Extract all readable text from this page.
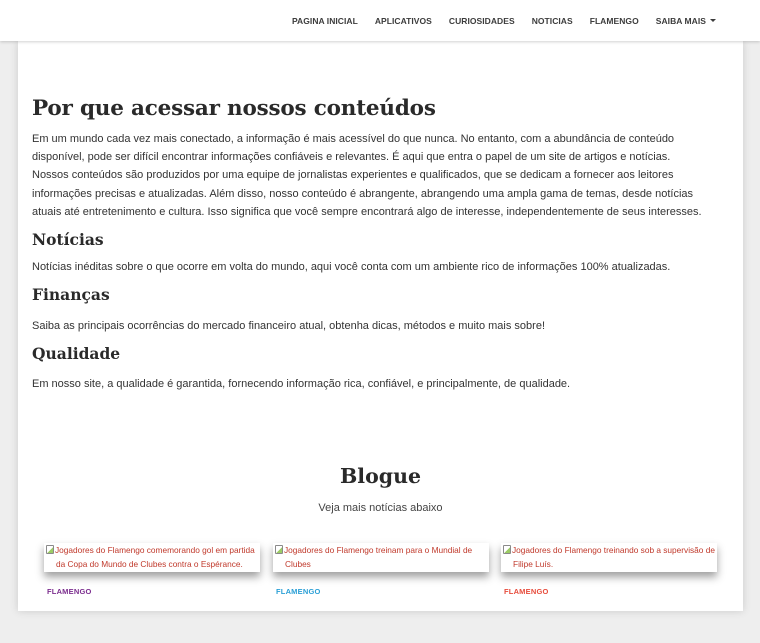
PAGINA INICIAL APLICATIVOS CURIOSIDADES NOTICIAS FLAMENGO SAIBA MAIS
Por que acessar nossos conteúdos

Em um mundo cada vez mais conectado, a informação é mais acessível do que nunca. No entanto, com a abundância de conteúdo disponível, pode ser difícil encontrar informações confiáveis e relevantes. É aqui que entra o papel de um site de artigos e notícias. Nossos conteúdos são produzidos por uma equipe de jornalistas experientes e qualificados, que se dedicam a fornecer aos leitores informações precisas e atualizadas. Além disso, nosso conteúdo é abrangente, abrangendo uma ampla gama de temas, desde notícias atuais até entretenimento e cultura. Isso significa que você sempre encontrará algo de interesse, independentemente de seus interesses.

Notícias

Notícias inéditas sobre o que ocorre em volta do mundo, aqui você conta com um ambiente rico de informações 100% atualizadas.

Finanças

Saiba as principais ocorrências do mercado financeiro atual, obtenha dicas, métodos e muito mais sobre!

Qualidade

Em nosso site, a qualidade é garantida, fornecendo informação rica, confiável, e principalmente, de qualidade.

Blogue

Veja mais notícias abaixo

Jogadores do Flamengo comemorando gol em partida da Copa do Mundo de Clubes contra o Espérance.
FLAMENGO
Jogadores do Flamengo treinam para o Mundial de Clubes
FLAMENGO
Jogadores do Flamengo treinando sob a supervisão de Filipe Luís.
FLAMENGO
